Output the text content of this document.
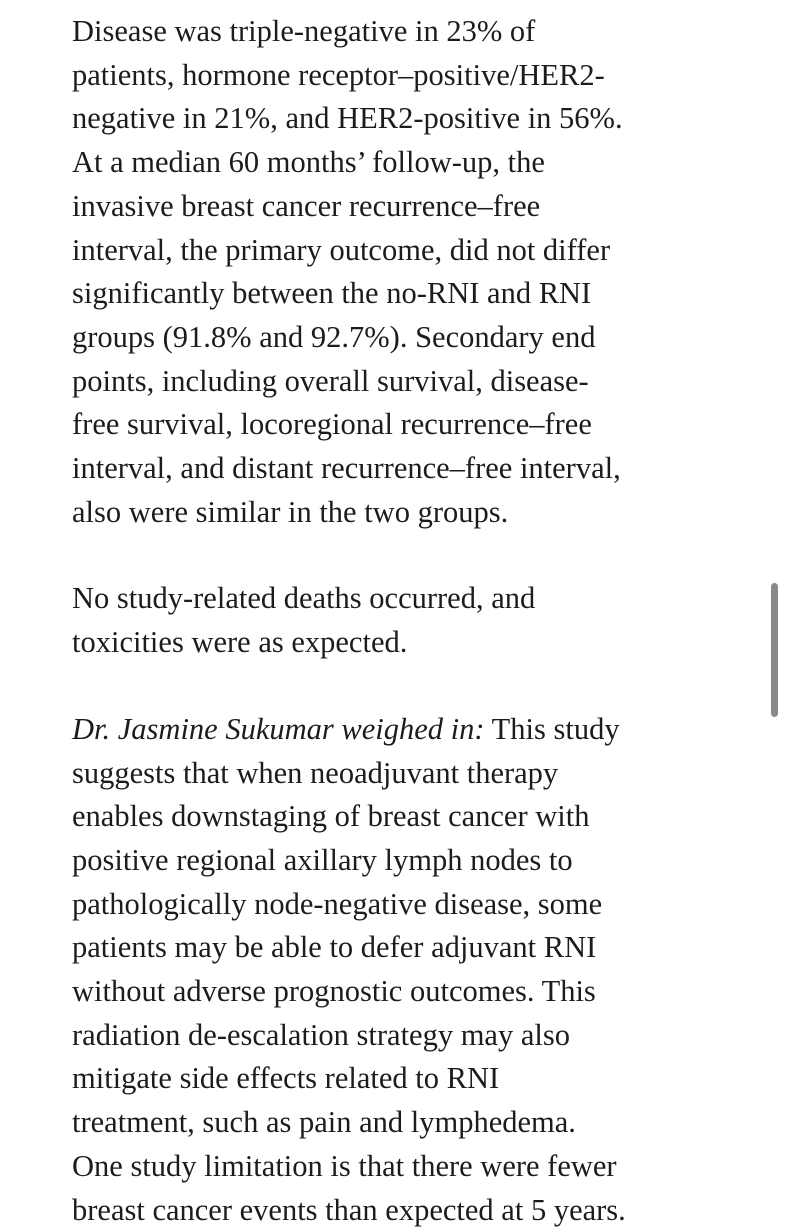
Disease was triple-negative in 23% of
patients, hormone receptor–positive/HER2-
negative in 21%, and HER2-positive in 56%.
At a median 60 months’ follow-up, the
invasive breast cancer recurrence–free
interval, the primary outcome, did not differ
significantly between the no-RNI and RNI
groups (91.8% and 92.7%). Secondary end
points, including overall survival, disease-
free survival, locoregional recurrence–free
interval, and distant recurrence–free interval,
also were similar in the two groups.

No study-related deaths occurred, and
toxicities were as expected.

Dr. Jasmine Sukumar weighed in: This study
suggests that when neoadjuvant therapy
enables downstaging of breast cancer with
positive regional axillary lymph nodes to
pathologically node-negative disease, some
patients may be able to defer adjuvant RNI
without adverse prognostic outcomes. This
radiation de-escalation strategy may also
mitigate side effects related to RNI
treatment, such as pain and lymphedema.
One study limitation is that there were fewer
breast cancer events than expected at 5 years.
